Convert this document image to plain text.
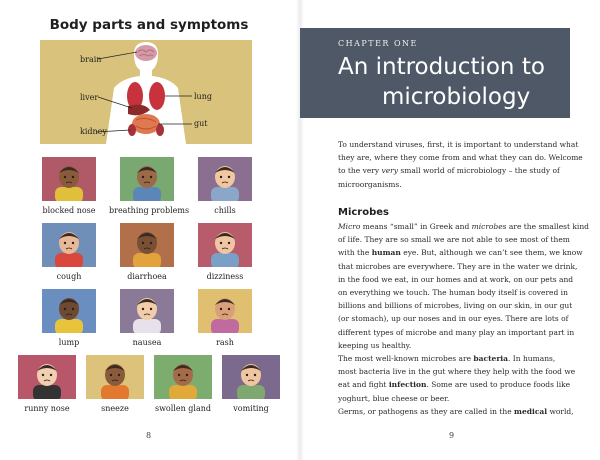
Body parts and symptoms
brain
liver	lung
gut
kidney
blocked nose	breathing problems	chills
cough	diarrhoea	dizziness
lump	nausea	rash
runny nose	sneeze	swollen gland	vomiting
8
CHAPTER ONE
An introduction to
microbiology
To understand viruses, first, it is important to understand what
they are, where they come from and what they can do. Welcome
to the very very small world of microbiology – the study of
microorganisms.
Microbes
Micro means “small” in Greek and microbes are the smallest kind
of life. They are so small we are not able to see most of them
with the human eye. But, although we can’t see them, we know
that microbes are everywhere. They are in the water we drink,
in the food we eat, in our homes and at work, on our pets and
on everything we touch. The human body itself is covered in
billions and billions of microbes, living on our skin, in our gut
(or stomach), up our noses and in our eyes. There are lots of
different types of microbe and many play an important part in
keeping us healthy.
The most well-known microbes are bacteria. In humans,
most bacteria live in the gut where they help with the food we
eat and fight infection. Some are used to produce foods like
yoghurt, blue cheese or beer.
Germs, or pathogens as they are called in the medical world,
9
